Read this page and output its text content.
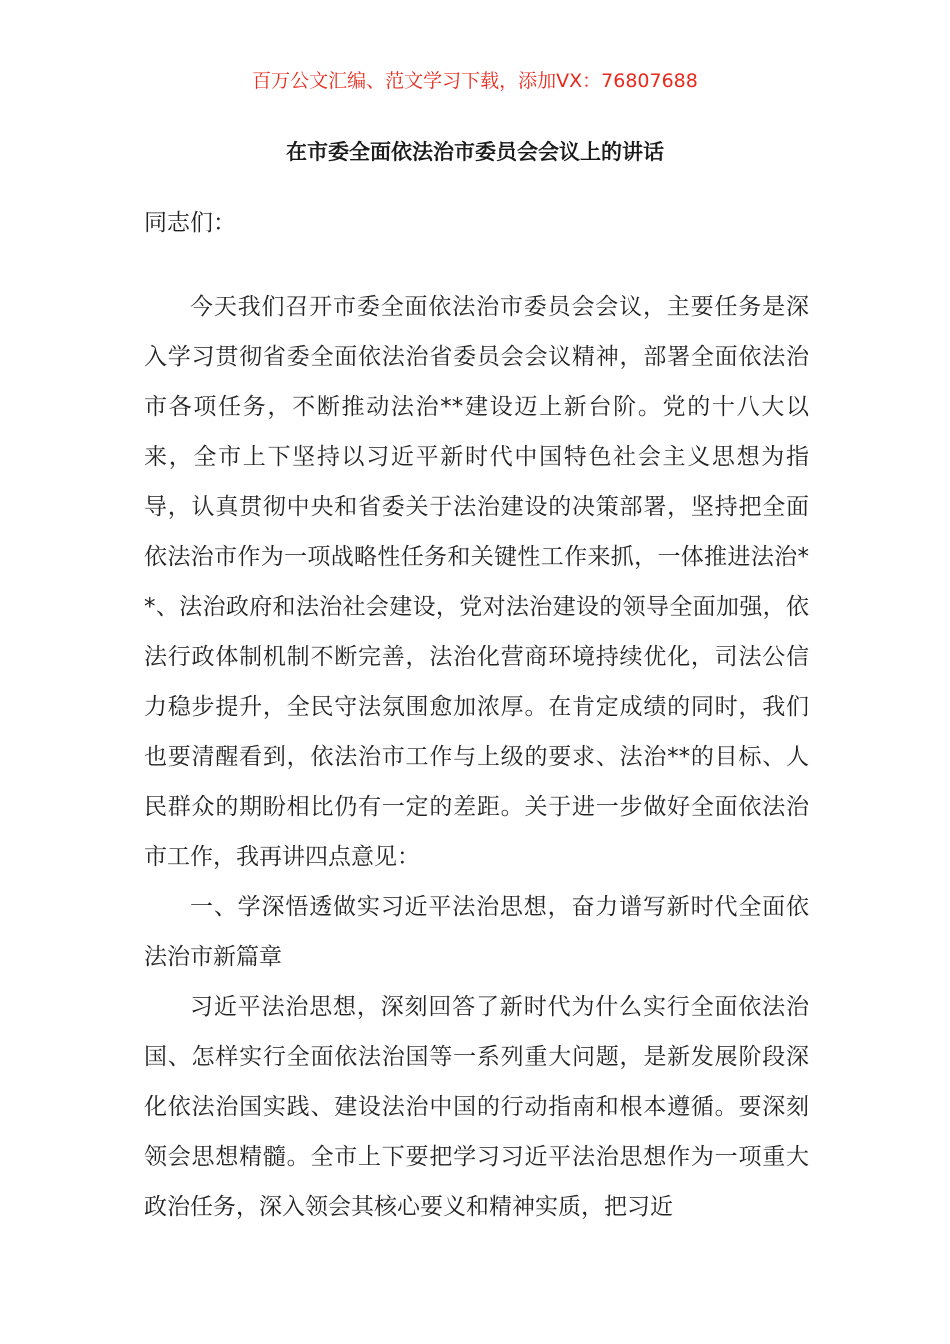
百万公文汇编、范文学习下载，添加VX：76807688
在市委全面依法治市委员会会议上的讲话
同志们：

今天我们召开市委全面依法治市委员会会议，主要任务是深入学习贯彻省委全面依法治省委员会会议精神，部署全面依法治市各项任务，不断推动法治**建设迈上新台阶。党的十八大以来，全市上下坚持以习近平新时代中国特色社会主义思想为指导，认真贯彻中央和省委关于法治建设的决策部署，坚持把全面依法治市作为一项战略性任务和关键性工作来抓，一体推进法治**、法治政府和法治社会建设，党对法治建设的领导全面加强，依法行政体制机制不断完善，法治化营商环境持续优化，司法公信力稳步提升，全民守法氛围愈加浓厚。在肯定成绩的同时，我们也要清醒看到，依法治市工作与上级的要求、法治**的目标、人民群众的期盼相比仍有一定的差距。关于进一步做好全面依法治市工作，我再讲四点意见：

一、学深悟透做实习近平法治思想，奋力谱写新时代全面依法治市新篇章

习近平法治思想，深刻回答了新时代为什么实行全面依法治国、怎样实行全面依法治国等一系列重大问题，是新发展阶段深化依法治国实践、建设法治中国的行动指南和根本遵循。要深刻领会思想精髓。全市上下要把学习习近平法治思想作为一项重大政治任务，深入领会其核心要义和精神实质，把习近
